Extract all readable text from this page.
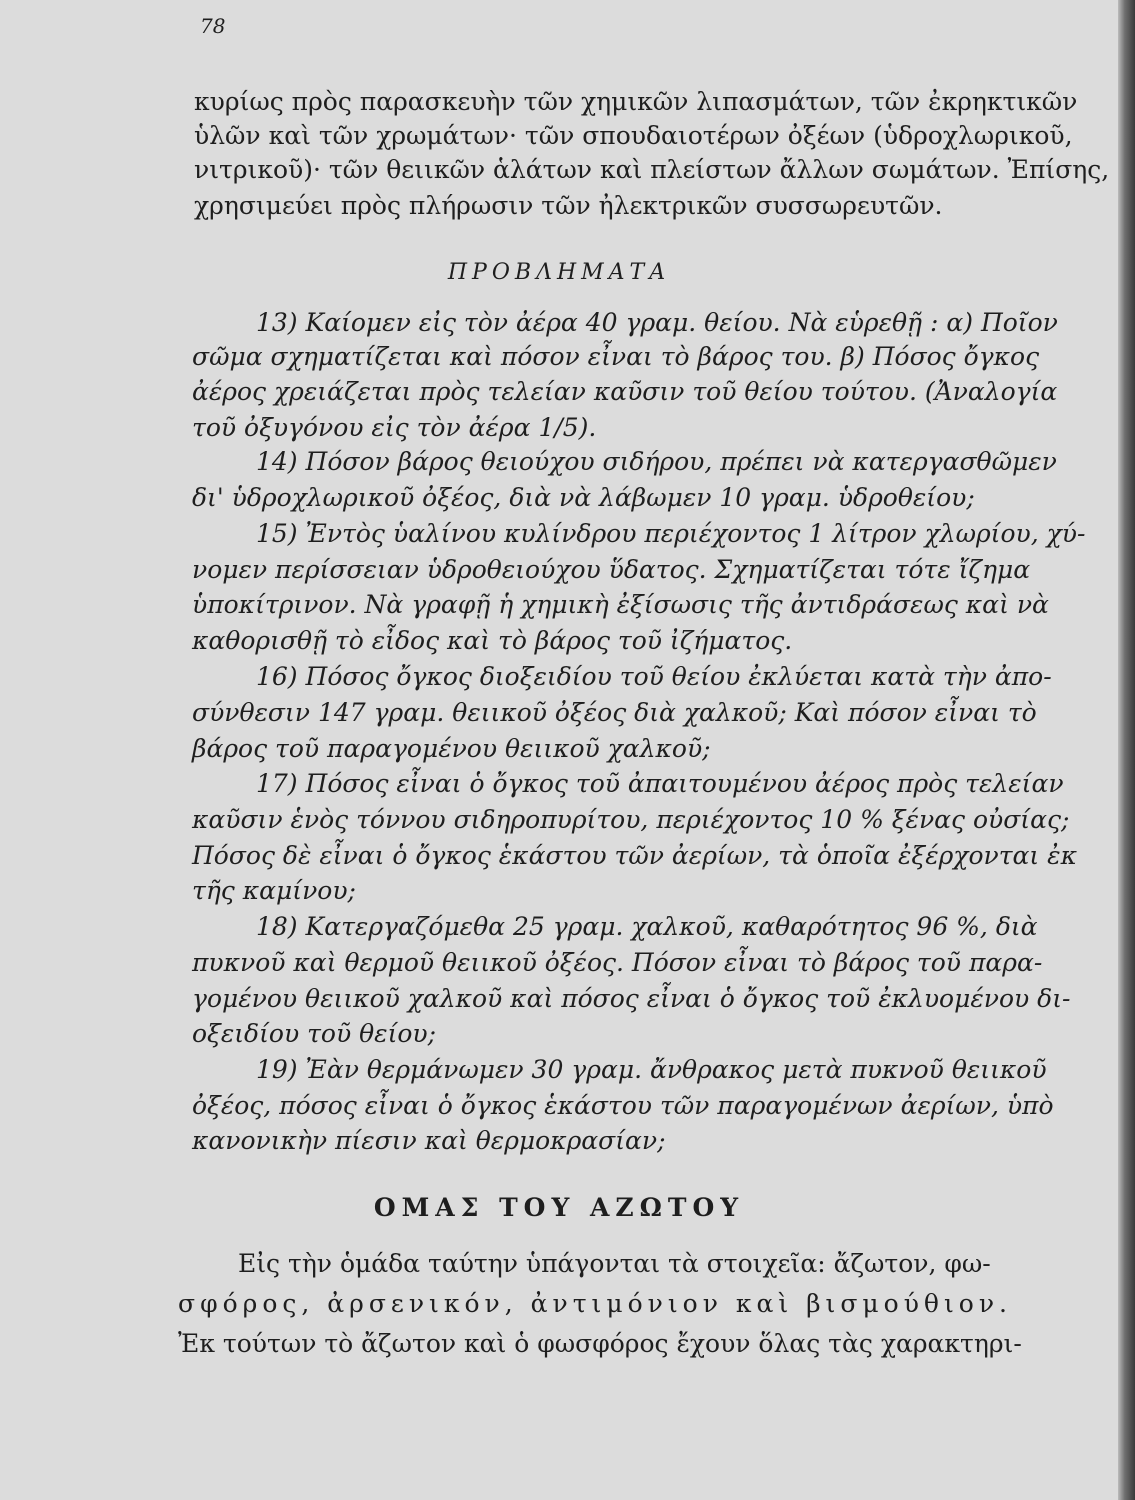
78
κυρίως πρὸς παρασκευὴν τῶν χημικῶν λιπασμάτων, τῶν ἐκρηκτικῶν
ὑλῶν καὶ τῶν χρωμάτων· τῶν σπουδαιοτέρων ὀξέων (ὑδροχλωρικοῦ,
νιτρικοῦ)· τῶν θειικῶν ἁλάτων καὶ πλείστων ἄλλων σωμάτων. Ἐπίσης,
χρησιμεύει πρὸς πλήρωσιν τῶν ἠλεκτρικῶν συσσωρευτῶν.
ΠΡΟΒΛΗΜΑΤΑ
13) Καίομεν εἰς τὸν ἀέρα 40 γραμ. θείου. Νὰ εὑρεθῇ : α) Ποῖον
σῶμα σχηματίζεται καὶ πόσον εἶναι τὸ βάρος του. β) Πόσος ὄγκος
ἀέρος χρειάζεται πρὸς τελείαν καῦσιν τοῦ θείου τούτου. (Ἀναλογία
τοῦ ὀξυγόνου εἰς τὸν ἀέρα 1/5).
14) Πόσον βάρος θειούχου σιδήρου, πρέπει νὰ κατεργασθῶμεν
δι' ὑδροχλωρικοῦ ὀξέος, διὰ νὰ λάβωμεν 10 γραμ. ὑδροθείου;
15) Ἐντὸς ὑαλίνου κυλίνδρου περιέχοντος 1 λίτρον χλωρίου, χύ-
νομεν περίσσειαν ὑδροθειούχου ὕδατος. Σχηματίζεται τότε ἴζημα
ὑποκίτρινον. Νὰ γραφῇ ἡ χημικὴ ἐξίσωσις τῆς ἀντιδράσεως καὶ νὰ
καθορισθῇ τὸ εἶδος καὶ τὸ βάρος τοῦ ἰζήματος.
16) Πόσος ὄγκος διοξειδίου τοῦ θείου ἐκλύεται κατὰ τὴν ἀπο-
σύνθεσιν 147 γραμ. θειικοῦ ὀξέος διὰ χαλκοῦ; Καὶ πόσον εἶναι τὸ
βάρος τοῦ παραγομένου θειικοῦ χαλκοῦ;
17) Πόσος εἶναι ὁ ὄγκος τοῦ ἀπαιτουμένου ἀέρος πρὸς τελείαν
καῦσιν ἑνὸς τόννου σιδηροπυρίτου, περιέχοντος 10 % ξένας οὐσίας;
Πόσος δὲ εἶναι ὁ ὄγκος ἑκάστου τῶν ἀερίων, τὰ ὁποῖα ἐξέρχονται ἐκ
τῆς καμίνου;
18) Κατεργαζόμεθα 25 γραμ. χαλκοῦ, καθαρότητος 96 %, διὰ
πυκνοῦ καὶ θερμοῦ θειικοῦ ὀξέος. Πόσον εἶναι τὸ βάρος τοῦ παρα-
γομένου θειικοῦ χαλκοῦ καὶ πόσος εἶναι ὁ ὄγκος τοῦ ἐκλυομένου δι-
οξειδίου τοῦ θείου;
19) Ἐὰν θερμάνωμεν 30 γραμ. ἄνθρακος μετὰ πυκνοῦ θειικοῦ
ὀξέος, πόσος εἶναι ὁ ὄγκος ἑκάστου τῶν παραγομένων ἀερίων, ὑπὸ
κανονικὴν πίεσιν καὶ θερμοκρασίαν;
ΟΜΑΣ ΤΟΥ ΑΖΩΤΟΥ
Εἰς τὴν ὁμάδα ταύτην ὑπάγονται τὰ στοιχεῖα: ἄζωτον, φω-
σφόρος, ἀρσενικόν, ἀντιμόνιον καὶ βισμούθιον.
Ἐκ τούτων τὸ ἄζωτον καὶ ὁ φωσφόρος ἔχουν ὅλας τὰς χαρακτηρι-
